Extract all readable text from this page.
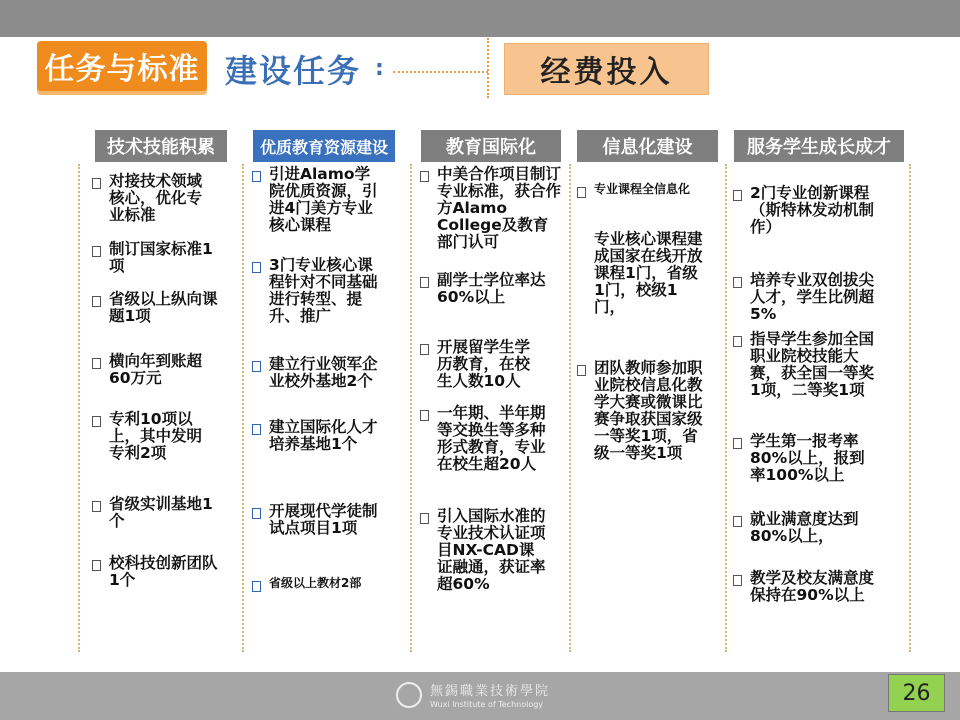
任务与标准 建设任务 :	经费投入
技术技能积累	优质教育资源建设	教育国际化	信息化建设	服务学生成长成才
对接技术领域核心，优化专业标准
制订国家标准1项
省级以上纵向课题1项
横向年到账超60万元
专利10项以上，其中发明专利2项
省级实训基地1个
校科技创新团队1个
引进Alamo学院优质资源，引进4门美方专业核心课程
3门专业核心课程针对不同基础进行转型、提升、推广
建立行业领军企业校外基地2个
建立国际化人才培养基地1个
开展现代学徒制试点项目1项
省级以上教材2部
中美合作项目制订专业标准，获合作方Alamo College及教育部门认可
副学士学位率达60%以上
开展留学生学历教育，在校生人数10人
一年期、半年期等交换生等多种形式教育，专业在校生超20人
引入国际水准的专业技术认证项目NX-CAD课证融通，获证率超60%
专业课程全信息化
专业核心课程建成国家在线开放课程1门，省级1门，校级1门，
团队教师参加职业院校信息化教学大赛或微课比赛争取获国家级一等奖1项，省级一等奖1项
2门专业创新课程（斯特林发动机制作）
培养专业双创拔尖人才，学生比例超5%
指导学生参加全国职业院校技能大赛，获全国一等奖1项，二等奖1项
学生第一报考率80%以上，报到率100%以上
就业满意度达到80%以上，
教学及校友满意度保持在90%以上
無錫職業技術學院
Wuxi Institute of Technology	26
